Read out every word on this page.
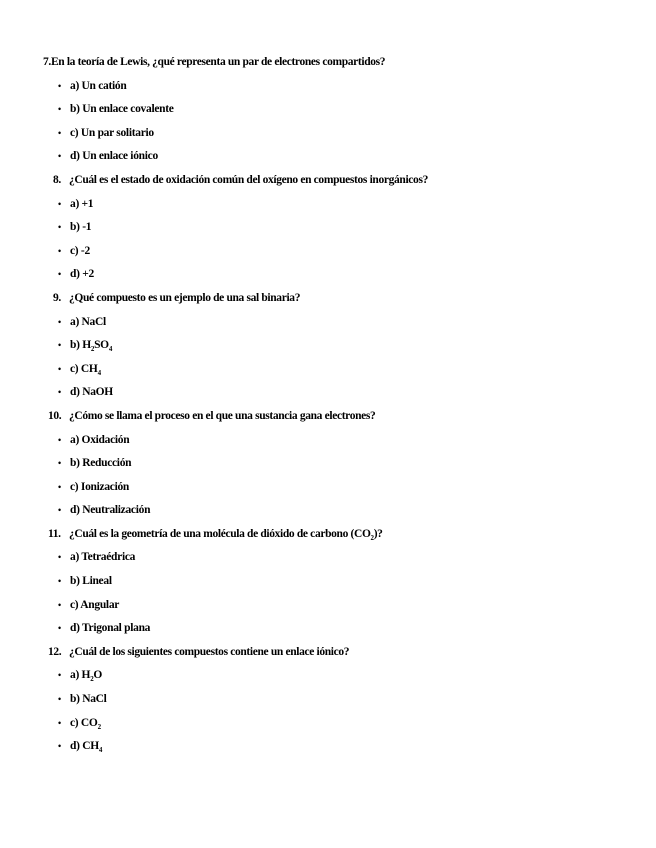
7.En la teoría de Lewis, ¿qué representa un par de electrones compartidos?
• a) Un catión
• b) Un enlace covalente
• c) Un par solitario
• d) Un enlace iónico
8. ¿Cuál es el estado de oxidación común del oxígeno en compuestos inorgánicos?
• a) +1
• b) -1
• c) -2
• d) +2
9. ¿Qué compuesto es un ejemplo de una sal binaria?
• a) NaCl
• b) $H_2SO_4$
• c) $CH_4$
• d) NaOH
10. ¿Cómo se llama el proceso en el que una sustancia gana electrones?
• a) Oxidación
• b) Reducción
• c) Ionización
• d) Neutralización
11. ¿Cuál es la geometría de una molécula de dióxido de carbono $(CO_2)$?
• a) Tetraédrica
• b) Lineal
• c) Angular
• d) Trigonal plana
12. ¿Cuál de los siguientes compuestos contiene un enlace iónico?
• a) $H_2O$
• b) NaCl
• c) $CO_2$
• d) $CH_4$
